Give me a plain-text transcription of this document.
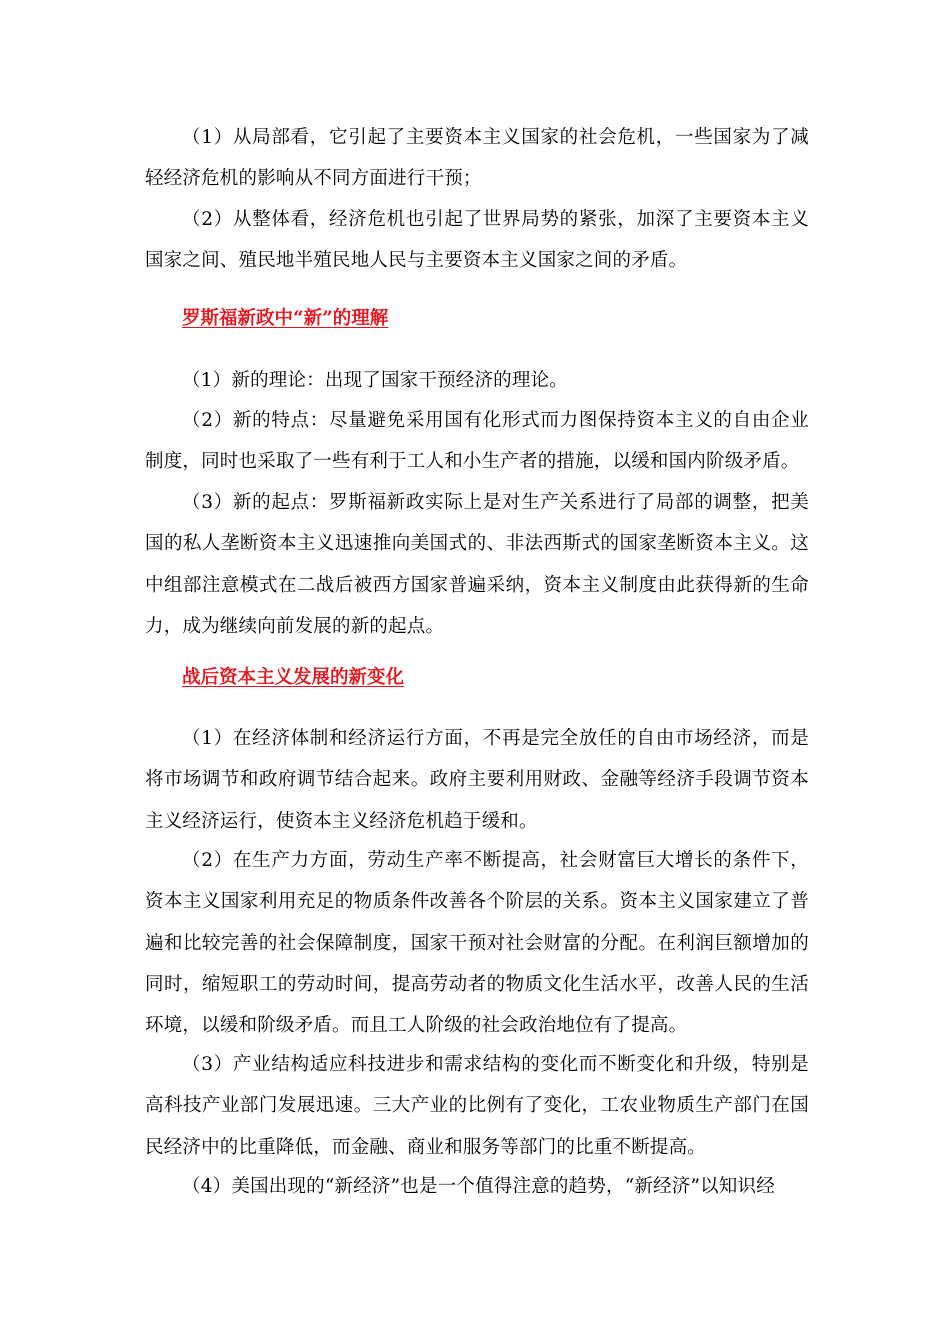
（1）从局部看，它引起了主要资本主义国家的社会危机，一些国家为了减轻经济危机的影响从不同方面进行干预；

（2）从整体看，经济危机也引起了世界局势的紧张，加深了主要资本主义国家之间、殖民地半殖民地人民与主要资本主义国家之间的矛盾。

罗斯福新政中“新”的理解

（1）新的理论：出现了国家干预经济的理论。

（2）新的特点：尽量避免采用国有化形式而力图保持资本主义的自由企业制度，同时也采取了一些有利于工人和小生产者的措施，以缓和国内阶级矛盾。

（3）新的起点：罗斯福新政实际上是对生产关系进行了局部的调整，把美国的私人垄断资本主义迅速推向美国式的、非法西斯式的国家垄断资本主义。这中组部注意模式在二战后被西方国家普遍采纳，资本主义制度由此获得新的生命力，成为继续向前发展的新的起点。

战后资本主义发展的新变化

（1）在经济体制和经济运行方面，不再是完全放任的自由市场经济，而是将市场调节和政府调节结合起来。政府主要利用财政、金融等经济手段调节资本主义经济运行，使资本主义经济危机趋于缓和。

（2）在生产力方面，劳动生产率不断提高，社会财富巨大增长的条件下，资本主义国家利用充足的物质条件改善各个阶层的关系。资本主义国家建立了普遍和比较完善的社会保障制度，国家干预对社会财富的分配。在利润巨额增加的同时，缩短职工的劳动时间，提高劳动者的物质文化生活水平，改善人民的生活环境，以缓和阶级矛盾。而且工人阶级的社会政治地位有了提高。

（3）产业结构适应科技进步和需求结构的变化而不断变化和升级，特别是高科技产业部门发展迅速。三大产业的比例有了变化，工农业物质生产部门在国民经济中的比重降低，而金融、商业和服务等部门的比重不断提高。

（4）美国出现的“新经济”也是一个值得注意的趋势，“新经济”以知识经
